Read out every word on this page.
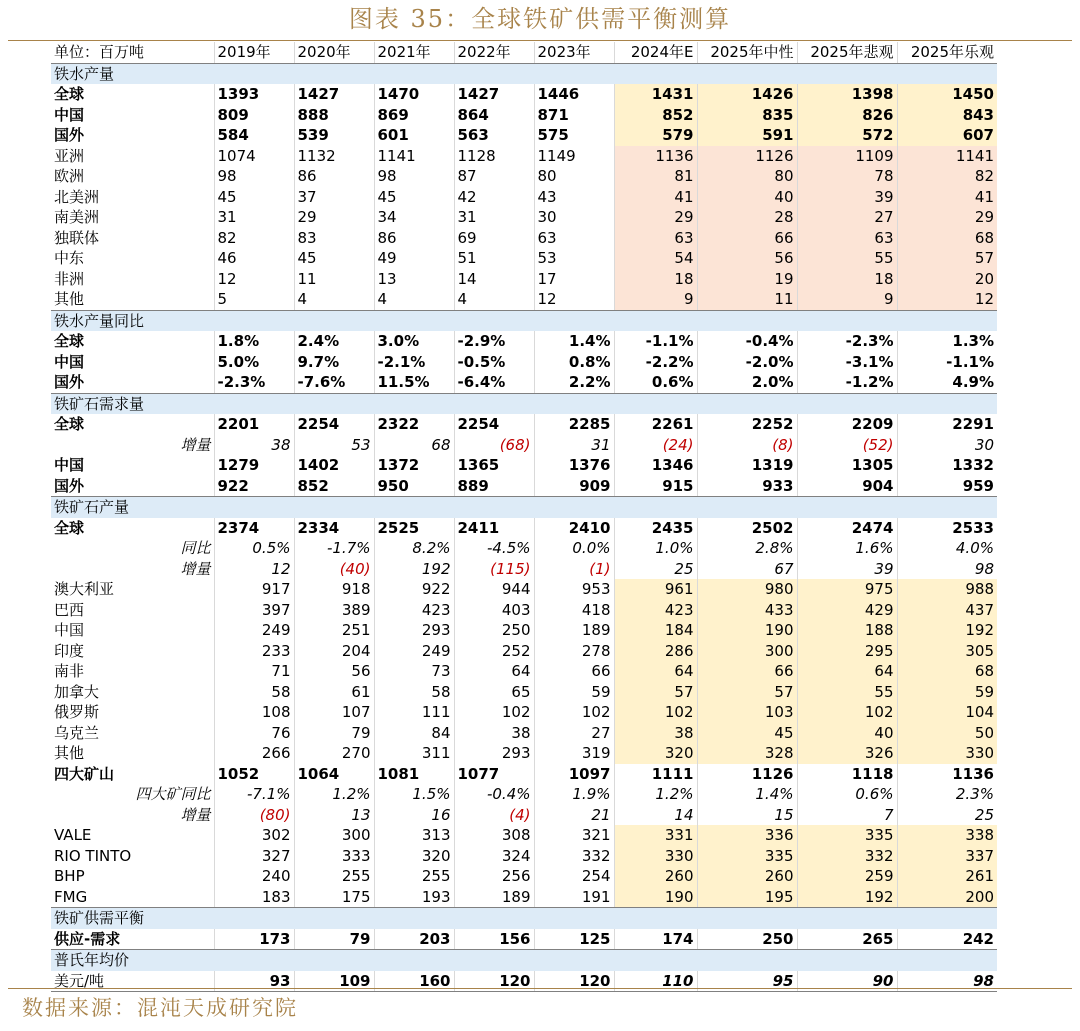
图表 35：全球铁矿供需平衡测算
单位：百万吨	2019年	2020年	2021年	2022年	2023年	2024年E	2025年中性	2025年悲观	2025年乐观
铁水产量									
全球	1393	1427	1470	1427	1446	1431	1426	1398	1450
中国	809	888	869	864	871	852	835	826	843
国外	584	539	601	563	575	579	591	572	607
亚洲	1074	1132	1141	1128	1149	1136	1126	1109	1141
欧洲	98	86	98	87	80	81	80	78	82
北美洲	45	37	45	42	43	41	40	39	41
南美洲	31	29	34	31	30	29	28	27	29
独联体	82	83	86	69	63	63	66	63	68
中东	46	45	49	51	53	54	56	55	57
非洲	12	11	13	14	17	18	19	18	20
其他	5	4	4	4	12	9	11	9	12
铁水产量同比									
全球	1.8%	2.4%	3.0%	-2.9%	1.4%	-1.1%	-0.4%	-2.3%	1.3%
中国	5.0%	9.7%	-2.1%	-0.5%	0.8%	-2.2%	-2.0%	-3.1%	-1.1%
国外	-2.3%	-7.6%	11.5%	-6.4%	2.2%	0.6%	2.0%	-1.2%	4.9%
铁矿石需求量									
全球	2201	2254	2322	2254	2285	2261	2252	2209	2291
增量	38	53	68	(68)	31	(24)	(8)	(52)	30
中国	1279	1402	1372	1365	1376	1346	1319	1305	1332
国外	922	852	950	889	909	915	933	904	959
铁矿石产量									
全球	2374	2334	2525	2411	2410	2435	2502	2474	2533
同比	0.5%	-1.7%	8.2%	-4.5%	0.0%	1.0%	2.8%	1.6%	4.0%
增量	12	(40)	192	(115)	(1)	25	67	39	98
澳大利亚	917	918	922	944	953	961	980	975	988
巴西	397	389	423	403	418	423	433	429	437
中国	249	251	293	250	189	184	190	188	192
印度	233	204	249	252	278	286	300	295	305
南非	71	56	73	64	66	64	66	64	68
加拿大	58	61	58	65	59	57	57	55	59
俄罗斯	108	107	111	102	102	102	103	102	104
乌克兰	76	79	84	38	27	38	45	40	50
其他	266	270	311	293	319	320	328	326	330
四大矿山	1052	1064	1081	1077	1097	1111	1126	1118	1136
四大矿同比	-7.1%	1.2%	1.5%	-0.4%	1.9%	1.2%	1.4%	0.6%	2.3%
增量	(80)	13	16	(4)	21	14	15	7	25
VALE	302	300	313	308	321	331	336	335	338
RIO TINTO	327	333	320	324	332	330	335	332	337
BHP	240	255	255	256	254	260	260	259	261
FMG	183	175	193	189	191	190	195	192	200
铁矿供需平衡									
供应-需求	173	79	203	156	125	174	250	265	242
普氏年均价									
美元/吨	93	109	160	120	120	110	95	90	98
数据来源：混沌天成研究院
